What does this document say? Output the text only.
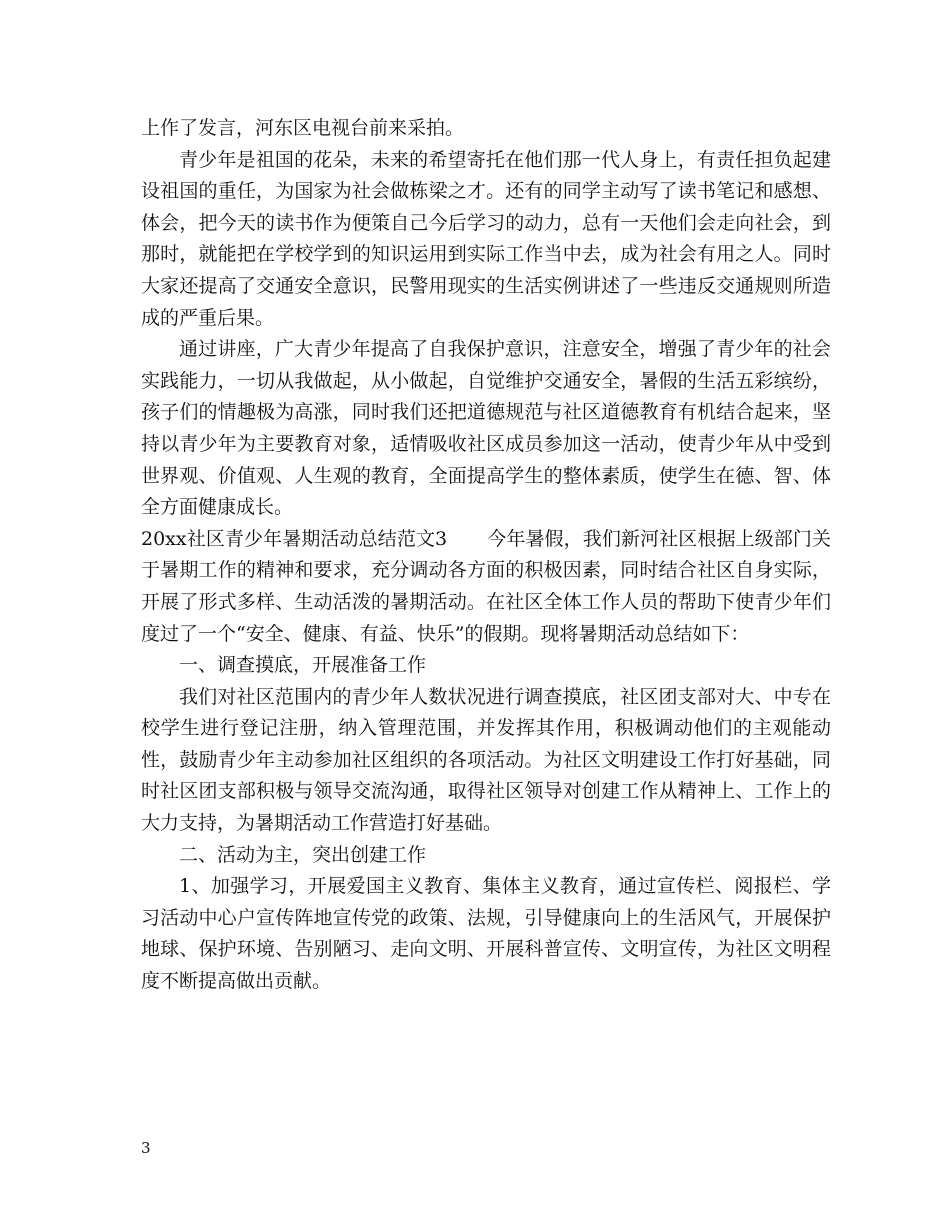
上作了发言，河东区电视台前来采拍。

青少年是祖国的花朵，未来的希望寄托在他们那一代人身上，有责任担负起建设祖国的重任，为国家为社会做栋梁之才。还有的同学主动写了读书笔记和感想、体会，把今天的读书作为便策自己今后学习的动力，总有一天他们会走向社会，到那时，就能把在学校学到的知识运用到实际工作当中去，成为社会有用之人。同时大家还提高了交通安全意识，民警用现实的生活实例讲述了一些违反交通规则所造成的严重后果。

通过讲座，广大青少年提高了自我保护意识，注意安全，增强了青少年的社会实践能力，一切从我做起，从小做起，自觉维护交通安全，暑假的生活五彩缤纷，孩子们的情趣极为高涨，同时我们还把道德规范与社区道德教育有机结合起来，坚持以青少年为主要教育对象，适情吸收社区成员参加这一活动，使青少年从中受到世界观、价值观、人生观的教育，全面提高学生的整体素质，使学生在德、智、体全方面健康成长。

20xx社区青少年暑期活动总结范文3 今年暑假，我们新河社区根据上级部门关于暑期工作的精神和要求，充分调动各方面的积极因素，同时结合社区自身实际，开展了形式多样、生动活泼的暑期活动。在社区全体工作人员的帮助下使青少年们度过了一个“安全、健康、有益、快乐”的假期。现将暑期活动总结如下：

一、调查摸底，开展准备工作

我们对社区范围内的青少年人数状况进行调查摸底，社区团支部对大、中专在校学生进行登记注册，纳入管理范围，并发挥其作用，积极调动他们的主观能动性，鼓励青少年主动参加社区组织的各项活动。为社区文明建设工作打好基础，同时社区团支部积极与领导交流沟通，取得社区领导对创建工作从精神上、工作上的大力支持，为暑期活动工作营造打好基础。

二、活动为主，突出创建工作

1、加强学习，开展爱国主义教育、集体主义教育，通过宣传栏、阅报栏、学习活动中心户宣传阵地宣传党的政策、法规，引导健康向上的生活风气，开展保护地球、保护环境、告别陋习、走向文明、开展科普宣传、文明宣传，为社区文明程度不断提高做出贡献。

3
